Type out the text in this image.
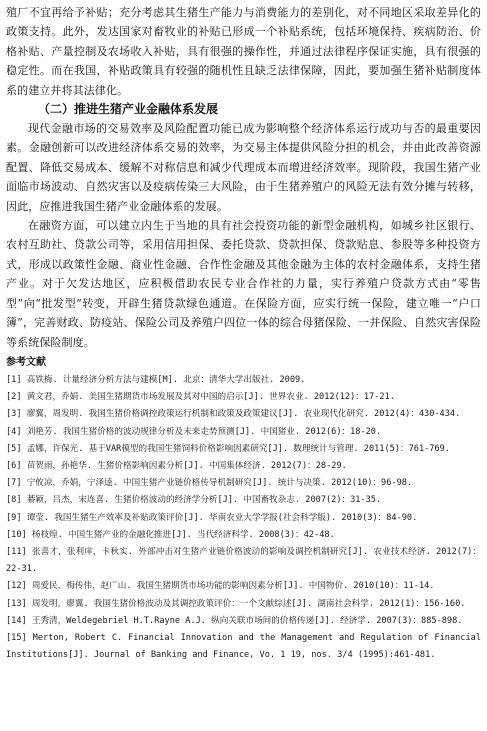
殖厂不宜再给予补贴；充分考虑其生猪生产能力与消费能力的差别化，对不同地区采取差异化的政策支持。此外，发达国家对畜牧业的补贴已形成一个补贴系统，包括环境保持、疾病防治、价格补贴、产量控制及农场收入补贴，具有很强的操作性，并通过法律程序保证实施，具有很强的稳定性。而在我国，补贴政策具有较强的随机性且缺乏法律保障，因此，要加强生猪补贴制度体系的建立并将其法律化。

（二）推进生猪产业金融体系发展

现代金融市场的交易效率及风险配置功能已成为影响整个经济体系运行成功与否的最重要因素。金融创新可以改进经济体系交易的效率，为交易主体提供风险分担的机会，并由此改善资源配置、降低交易成本、缓解不对称信息和减少代理成本而增进经济效率。现阶段，我国生猪产业面临市场波动、自然灾害以及疫病传染三大风险，由于生猪养殖户的风险无法有效分摊与转移，因此，应推进我国生猪产业金融体系的发展。

在融资方面，可以建立内生于当地的具有社会投资功能的新型金融机构，如城乡社区银行、农村互助社、贷款公司等，采用信用担保、委托贷款、贷款担保、贷款贴息、参股等多种投资方式，形成以政策性金融、商业性金融、合作性金融及其他金融为主体的农村金融体系，支持生猪产业。对于欠发达地区，应积极借助农民专业合作社的力量，实行养殖户贷款方式由“零售型”向“批发型”转变，开辟生猪贷款绿色通道。在保险方面，应实行统一保险，建立唯一“户口簿”，完善财政、防疫站、保险公司及养殖户四位一体的综合母猪保险、一并保险、自然灾害保险等系统保险制度。

参考文献

[1] 高铁梅. 计量经济分析方法与建模[M]. 北京：清华大学出版社. 2009.

[2] 黄文君，乔娟. 美国生猪期货市场发展及其对中国的启示[J]. 世界农业. 2012(12)：17-21.

[3] 廖翼，周发明. 我国生猪价格调控政策运行机制和政策及政策建议[J]. 农业现代化研究. 2012(4)：430-434.

[4] 刘艳芳. 我国生猪价格的波动规律分析及未来走势预测[J]. 中国猪业. 2012(6)：18-20.

[5] 孟娜，许保光. 基于VAR模型的我国生猪饲料价格影响因素研究[J]. 数理统计与管理. 2011(5)：761-769.

[6] 苗贺雨，孙艳华. 生猪价格影响因素分析[J]. 中国集体经济. 2012(7)：28-29.

[7] 宁攸凉，乔娟，宁泽逵. 中国生猪产业链价格传导机制研究[J]. 统计与决策. 2012(10)：96-98.

[8] 綦颖，吕杰，宋连喜. 生猪价格波动的经济学分析[J]. 中国畜牧杂志. 2007(2)：31-35.

[9] 谭莹. 我国生猪生产效率及补贴政策评价[J]. 华南农业大学学报(社会科学版). 2010(3)：84-90.

[10] 杨枝煌. 中国生猪产业的金融化推进[J]. 当代经济科学. 2008(3)：42-48.

[11] 张喜才，张利庠，卡秋实. 外部冲击对生猪产业链价格波动的影响及调控机制研究[J]. 农业技术经济. 2012(7)：22-31.

[12] 周爱民，梅传伟，赵广山. 我国生猪期货市场功能的影响因素分析[J]. 中国物价. 2010(10)：11-14.

[13] 周发明，廖翼. 我国生猪价格波动及其调控政策评价：一个文献综述[J]. 湖南社会科学. 2012(1)：156-160.

[14] 王秀清，Weldegebriel H.T.Rayne A.J. 纵向关联市场间的价格传递[J]. 经济学. 2007(3)：885-898.

[15] Merton, Robert C. Financial Innovation and the Management and Regulation of Financial Institutions[J]. Journal of Banking and Finance, Vo. 1 19, nos. 3/4 (1995):461-481.
